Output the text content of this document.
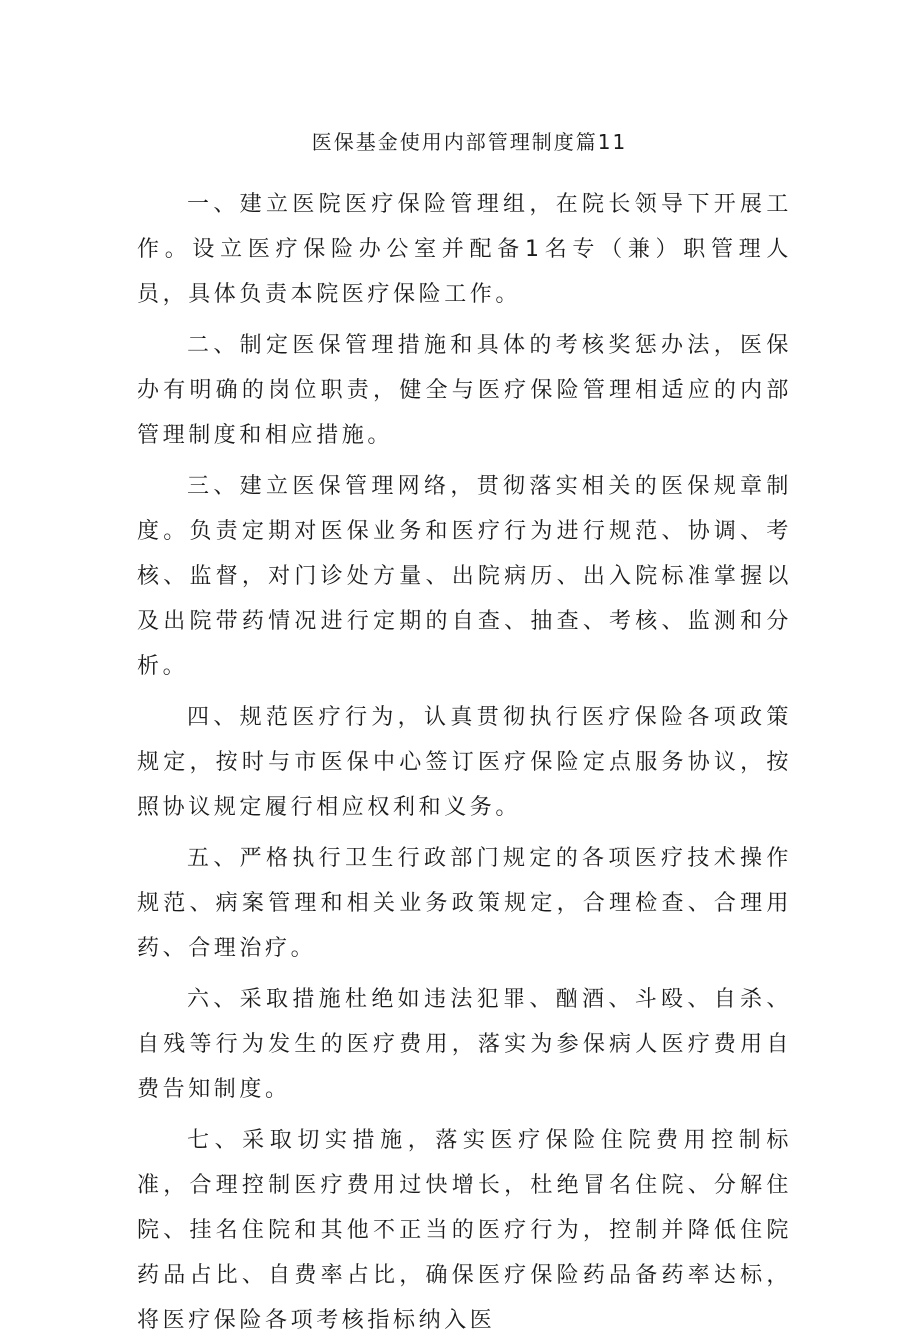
医保基金使用内部管理制度篇11

一、建立医院医疗保险管理组，在院长领导下开展工作。设立医疗保险办公室并配备1名专（兼）职管理人员，具体负责本院医疗保险工作。

二、制定医保管理措施和具体的考核奖惩办法，医保办有明确的岗位职责，健全与医疗保险管理相适应的内部管理制度和相应措施。

三、建立医保管理网络，贯彻落实相关的医保规章制度。负责定期对医保业务和医疗行为进行规范、协调、考核、监督，对门诊处方量、出院病历、出入院标准掌握以及出院带药情况进行定期的自查、抽查、考核、监测和分析。

四、规范医疗行为，认真贯彻执行医疗保险各项政策规定，按时与市医保中心签订医疗保险定点服务协议，按照协议规定履行相应权利和义务。

五、严格执行卫生行政部门规定的各项医疗技术操作规范、病案管理和相关业务政策规定，合理检查、合理用药、合理治疗。

六、采取措施杜绝如违法犯罪、酗酒、斗殴、自杀、自残等行为发生的医疗费用，落实为参保病人医疗费用自费告知制度。

七、采取切实措施，落实医疗保险住院费用控制标准，合理控制医疗费用过快增长，杜绝冒名住院、分解住院、挂名住院和其他不正当的医疗行为，控制并降低住院药品占比、自费率占比，确保医疗保险药品备药率达标，将医疗保险各项考核指标纳入医
